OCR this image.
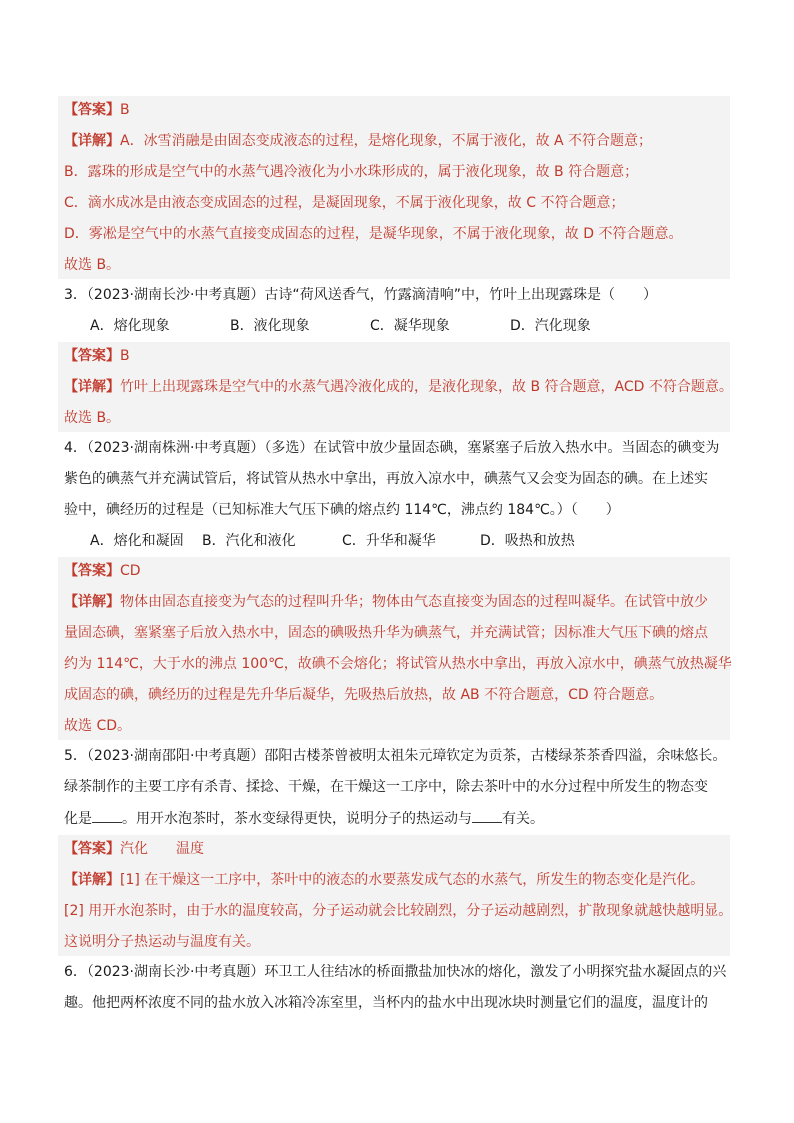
【答案】B
【详解】A．冰雪消融是由固态变成液态的过程，是熔化现象，不属于液化，故 A 不符合题意；
B．露珠的形成是空气中的水蒸气遇冷液化为小水珠形成的，属于液化现象，故 B 符合题意；
C．滴水成冰是由液态变成固态的过程，是凝固现象，不属于液化现象，故 C 不符合题意；
D．雾凇是空气中的水蒸气直接变成固态的过程，是凝华现象，不属于液化现象，故 D 不符合题意。
故选 B。
3．（2023·湖南长沙·中考真题）古诗“荷风送香气，竹露滴清响”中，竹叶上出现露珠是（　　）
A．熔化现象	B．液化现象	C．凝华现象	D．汽化现象
【答案】B
【详解】竹叶上出现露珠是空气中的水蒸气遇冷液化成的，是液化现象，故 B 符合题意，ACD 不符合题意。
故选 B。
4．（2023·湖南株洲·中考真题）（多选）在试管中放少量固态碘，塞紧塞子后放入热水中。当固态的碘变为
紫色的碘蒸气并充满试管后，将试管从热水中拿出，再放入凉水中，碘蒸气又会变为固态的碘。在上述实
验中，碘经历的过程是（已知标准大气压下碘的熔点约 114℃，沸点约 184℃。）（　　）
A．熔化和凝固	B．汽化和液化	C．升华和凝华	D．吸热和放热
【答案】CD
【详解】物体由固态直接变为气态的过程叫升华；物体由气态直接变为固态的过程叫凝华。在试管中放少
量固态碘，塞紧塞子后放入热水中，固态的碘吸热升华为碘蒸气，并充满试管；因标准大气压下碘的熔点
约为 114℃，大于水的沸点 100℃，故碘不会熔化；将试管从热水中拿出，再放入凉水中，碘蒸气放热凝华
成固态的碘，碘经历的过程是先升华后凝华，先吸热后放热，故 AB 不符合题意，CD 符合题意。
故选 CD。
5．（2023·湖南邵阳·中考真题）邵阳古楼茶曾被明太祖朱元璋钦定为贡茶，古楼绿茶茶香四溢，余味悠长。
绿茶制作的主要工序有杀青、揉捻、干燥，在干燥这一工序中，除去茶叶中的水分过程中所发生的物态变
化是 。用开水泡茶时，茶水变绿得更快，说明分子的热运动与 有关。
【答案】汽化　　温度
【详解】[1] 在干燥这一工序中，茶叶中的液态的水要蒸发成气态的水蒸气，所发生的物态变化是汽化。
[2] 用开水泡茶时，由于水的温度较高，分子运动就会比较剧烈，分子运动越剧烈，扩散现象就越快越明显。
这说明分子热运动与温度有关。
6．（2023·湖南长沙·中考真题）环卫工人往结冰的桥面撒盐加快冰的熔化，激发了小明探究盐水凝固点的兴
趣。他把两杯浓度不同的盐水放入冰箱冷冻室里，当杯内的盐水中出现冰块时测量它们的温度，温度计的
